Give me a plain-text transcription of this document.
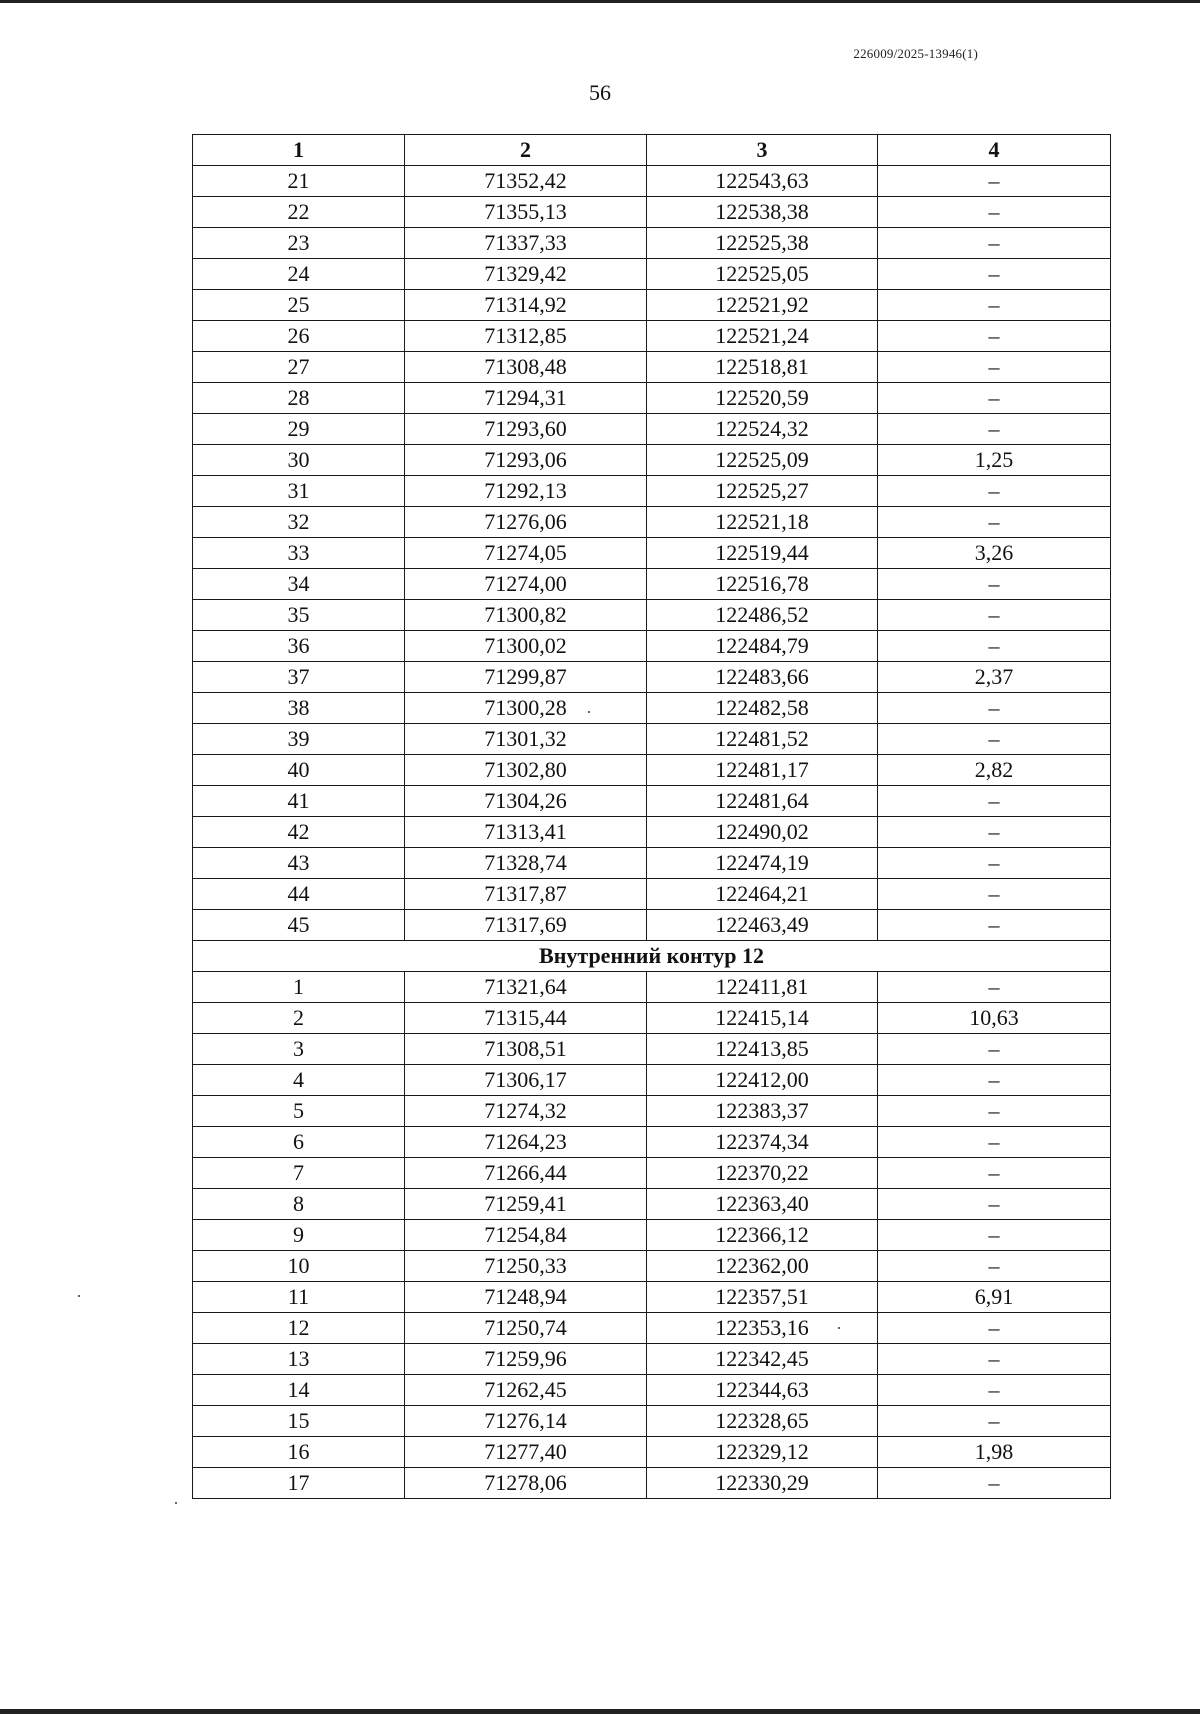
226009/2025-13946(1)
56
1	2	3	4
21	71352,42	122543,63	–
22	71355,13	122538,38	–
23	71337,33	122525,38	–
24	71329,42	122525,05	–
25	71314,92	122521,92	–
26	71312,85	122521,24	–
27	71308,48	122518,81	–
28	71294,31	122520,59	–
29	71293,60	122524,32	–
30	71293,06	122525,09	1,25
31	71292,13	122525,27	–
32	71276,06	122521,18	–
33	71274,05	122519,44	3,26
34	71274,00	122516,78	–
35	71300,82	122486,52	–
36	71300,02	122484,79	–
37	71299,87	122483,66	2,37
38	71300,28	122482,58	–
39	71301,32	122481,52	–
40	71302,80	122481,17	2,82
41	71304,26	122481,64	–
42	71313,41	122490,02	–
43	71328,74	122474,19	–
44	71317,87	122464,21	–
45	71317,69	122463,49	–
Внутренний контур 12			
1	71321,64	122411,81	–
2	71315,44	122415,14	10,63
3	71308,51	122413,85	–
4	71306,17	122412,00	–
5	71274,32	122383,37	–
6	71264,23	122374,34	–
7	71266,44	122370,22	–
8	71259,41	122363,40	–
9	71254,84	122366,12	–
10	71250,33	122362,00	–
11	71248,94	122357,51	6,91
12	71250,74	122353,16	–
13	71259,96	122342,45	–
14	71262,45	122344,63	–
15	71276,14	122328,65	–
16	71277,40	122329,12	1,98
17	71278,06	122330,29	–
